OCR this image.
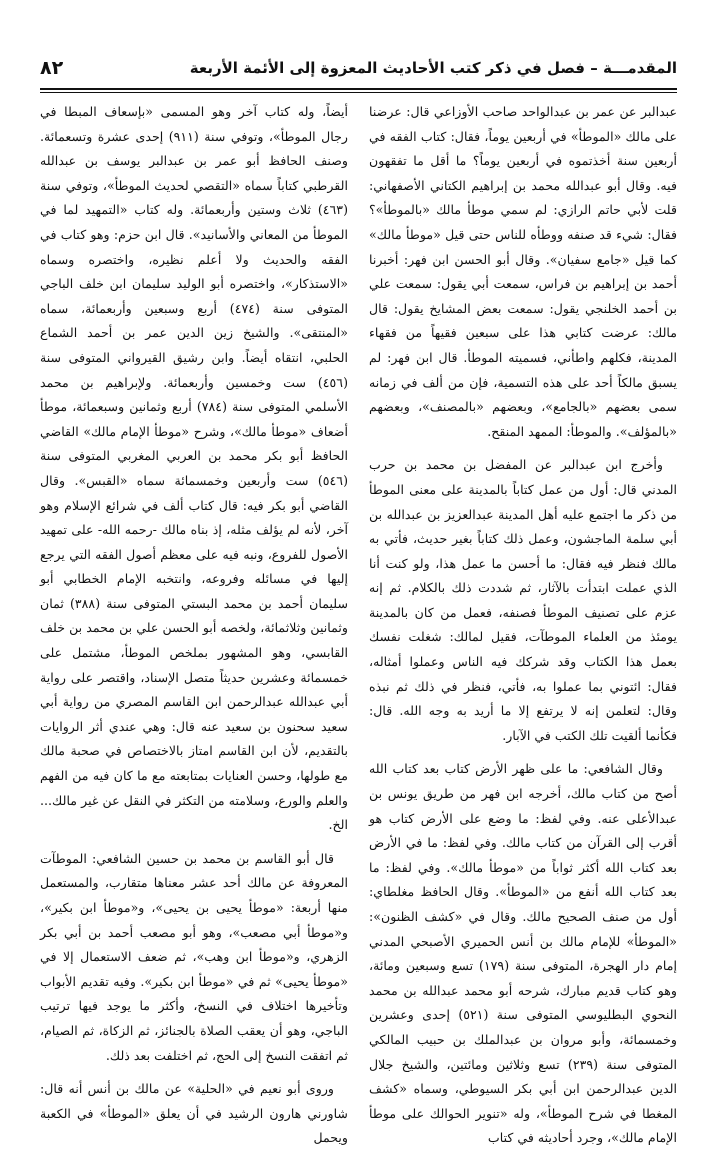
المقدمـــة – فصل في ذكر كتب الأحاديث المعزوة إلى الأئمة الأربعة
٨٢

عبدالبر عن عمر بن عبدالواحد صاحب الأوزاعي قال: عرضنا على مالك «الموطأ» في أربعين يوماً، فقال: كتاب الفقه في أربعين سنة أخذتموه في أربعين يوماً؟ ما أقل ما تفقهون فيه. وقال أبو عبدالله محمد بن إبراهيم الكتاني الأصفهاني: قلت لأبي حاتم الرازي: لم سمي موطأ مالك «بالموطأ»؟ فقال: شيء قد صنفه ووطأه للناس حتى قيل «موطأ مالك» كما قيل «جامع سفيان». وقال أبو الحسن ابن فهر: أخبرنا أحمد بن إبراهيم بن فراس، سمعت أبي يقول: سمعت علي بن أحمد الخلنجي يقول: سمعت بعض المشايخ يقول: قال مالك: عرضت كتابي هذا على سبعين فقيهاً من فقهاء المدينة، فكلهم واطأني، فسميته الموطأ. قال ابن فهر: لم يسبق مالكاً أحد على هذه التسمية، فإن من ألف في زمانه سمى بعضهم «بالجامع»، وبعضهم «بالمصنف»، وبعضهم «بالمؤلف». والموطأ: الممهد المنقح.

وأخرج ابن عبدالبر عن المفضل بن محمد بن حرب المدني قال: أول من عمل كتاباً بالمدينة على معنى الموطأ من ذكر ما اجتمع عليه أهل المدينة عبدالعزيز بن عبدالله بن أبي سلمة الماجشون، وعمل ذلك كتاباً بغير حديث، فأتي به مالك فنظر فيه فقال: ما أحسن ما عمل هذا، ولو كنت أنا الذي عملت ابتدأت بالآثار، ثم شددت ذلك بالكلام. ثم إنه عزم على تصنيف الموطأ فصنفه، فعمل من كان بالمدينة يومئذ من العلماء الموطآت، فقيل لمالك: شغلت نفسك بعمل هذا الكتاب وقد شركك فيه الناس وعملوا أمثاله، فقال: ائتوني بما عملوا به، فأتي، فنظر في ذلك ثم نبذه وقال: لتعلمن إنه لا يرتفع إلا ما أريد به وجه الله. قال: فكأنما ألقيت تلك الكتب في الآبار.

وقال الشافعي: ما على ظهر الأرض كتاب بعد كتاب الله أصح من كتاب مالك، أخرجه ابن فهر من طريق يونس بن عبدالأعلى عنه. وفي لفظ: ما وضع على الأرض كتاب هو أقرب إلى القرآن من كتاب مالك. وفي لفظ: ما في الأرض بعد كتاب الله أكثر ثواباً من «موطأ مالك». وفي لفظ: ما بعد كتاب الله أنفع من «الموطأ». وقال الحافظ مغلطاي: أول من صنف الصحيح مالك. وقال في «كشف الظنون»: «الموطأ» للإمام مالك بن أنس الحميري الأصبحي المدني إمام دار الهجرة، المتوفى سنة (١٧٩) تسع وسبعين ومائة، وهو كتاب قديم مبارك، شرحه أبو محمد عبدالله بن محمد النحوي البطليوسي المتوفى سنة (٥٢١) إحدى وعشرين وخمسمائة، وأبو مروان بن عبدالملك بن حبيب المالكي المتوفى سنة (٢٣٩) تسع وثلاثين ومائتين، والشيخ جلال الدين عبدالرحمن ابن أبي بكر السيوطي، وسماه «كشف المغطا في شرح الموطأ»، وله «تنوير الحوالك على موطأ الإمام مالك»، وجرد أحاديثه في كتاب

أيضاً، وله كتاب آخر وهو المسمى «بإسعاف المبطا في رجال الموطأ»، وتوفي سنة (٩١١) إحدى عشرة وتسعمائة. وصنف الحافظ أبو عمر بن عبدالبر يوسف بن عبدالله القرطبي كتاباً سماه «التقصي لحديث الموطأ»، وتوفي سنة (٤٦٣) ثلاث وستين وأربعمائة. وله كتاب «التمهيد لما في الموطأ من المعاني والأسانيد». قال ابن حزم: وهو كتاب في الفقه والحديث ولا أعلم نظيره، واختصره وسماه «الاستذكار»، واختصره أبو الوليد سليمان ابن خلف الباجي المتوفى سنة (٤٧٤) أربع وسبعين وأربعمائة، سماه «المنتقى». والشيخ زين الدين عمر بن أحمد الشماع الحلبي، انتقاه أيضاً. وابن رشيق القيرواني المتوفى سنة (٤٥٦) ست وخمسين وأربعمائة. ولإبراهيم بن محمد الأسلمي المتوفى سنة (٧٨٤) أربع وثمانين وسبعمائة، موطأ أضعاف «موطأ مالك»، وشرح «موطأ الإمام مالك» القاضي الحافظ أبو بكر محمد بن العربي المغربي المتوفى سنة (٥٤٦) ست وأربعين وخمسمائة سماه «القبس». وقال القاضي أبو بكر فيه: قال كتاب ألف في شرائع الإسلام وهو آخر، لأنه لم يؤلف مثله، إذ بناه مالك -رحمه الله- على تمهيد الأصول للفروع، ونبه فيه على معظم أصول الفقه التي يرجع إليها في مسائله وفروعه، وانتخبه الإمام الخطابي أبو سليمان أحمد بن محمد البستي المتوفى سنة (٣٨٨) ثمان وثمانين وثلاثمائة، ولخصه أبو الحسن علي بن محمد بن خلف القابسي، وهو المشهور بملخص الموطأ، مشتمل على خمسمائة وعشرين حديثاً متصل الإسناد، واقتصر على رواية أبي عبدالله عبدالرحمن ابن القاسم المصري من رواية أبي سعيد سحنون بن سعيد عنه قال: وهي عندي أثر الروايات بالتقديم، لأن ابن القاسم امتاز بالاختصاص في صحبة مالك مع طولها، وحسن العنايات بمتابعته مع ما كان فيه من الفهم والعلم والورع، وسلامته من التكثر في النقل عن غير مالك... الخ.

قال أبو القاسم بن محمد بن حسين الشافعي: الموطآت المعروفة عن مالك أحد عشر معناها متقارب، والمستعمل منها أربعة: «موطأ يحيى بن يحيى»، و«موطأ ابن بكير»، و«موطأ أبي مصعب»، وهو أبو مصعب أحمد بن أبي بكر الزهري، و«موطأ ابن وهب»، ثم ضعف الاستعمال إلا في «موطأ يحيى» ثم في «موطأ ابن بكير». وفيه تقديم الأبواب وتأخيرها اختلاف في النسخ، وأكثر ما يوجد فيها ترتيب الباجي، وهو أن يعقب الصلاة بالجنائز، ثم الزكاة، ثم الصيام، ثم اتفقت النسخ إلى الحج، ثم اختلفت بعد ذلك.

وروى أبو نعيم في «الحلية» عن مالك بن أنس أنه قال: شاورني هارون الرشيد في أن يعلق «الموطأ» في الكعبة ويحمل
